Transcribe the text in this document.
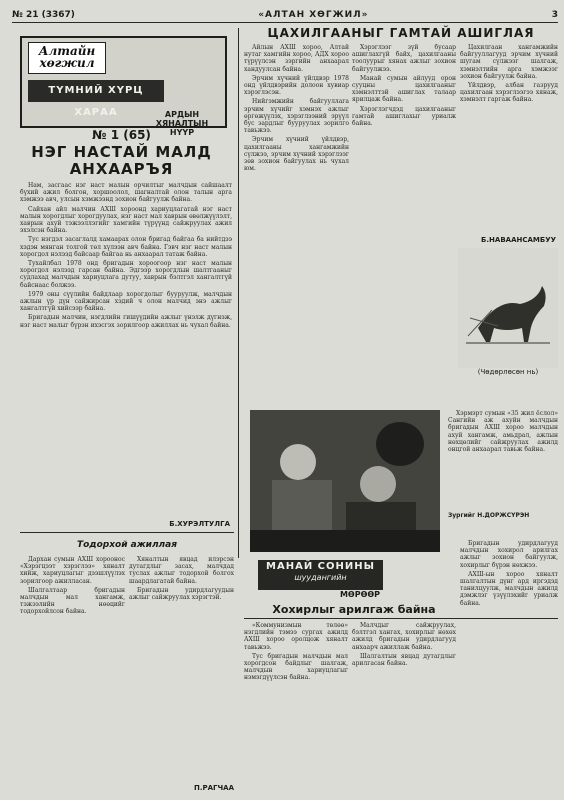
№ 21 (3367)	«АЛТАН ХӨГЖИЛ»	3
Алтайн хөгжил
ТҮМНИЙ ХҮРЦ ХАРАА	АРДЫН ХЯНАЛТЫН НҮҮР
№ 1 (65)
НЭГ НАСТАЙ МАЛД АНХААРЪЯ

Нам, засгаас нэг наст малын орчилтыг малчдын сайшаалт бүхий ажил болгон, хоршоолол, шагналтай олон талын арга хэмжээ авч, улсын хэмжээнд зохион байгуулж байна.

Сайхан айл малчин АХШ хороонд хариуцлагатай нэг наст малын хорогдлыг хорогдуулах, нэг наст мал хаврын өвөлжүүлэлт, хаврын ахуй тэжээллэгийг хамгийн түрүүнд сайжруулах ажил эхэлсэн байна.

Тус нэгдэл засаглалд хамаарах олон бригад байгаа ба нийтдээ хэдэн мянган толгой төл хүлээн авч байна. Гэвч нэг наст малын хорогдол нэлээд байсаар байгаа нь анхаарал татаж байна.

Тухайлбал 1978 онд бригадын хороогоор нэг наст малын хорогдол нэлээд гарсан байна. Эдгээр хорогдлын шалтгааныг судлахад малчдын хариуцлага дутуу, хаврын бэлтгэл хангалтгүй байснаас болжээ.

1979 оны сүүлийн байдлаар хорогдолыг бууруулж, малчдын ажлын үр дүн сайжирсан хэдий ч олон малчид энэ ажлыг хангалтгүй хийсээр байна.

Бригадын малчин, нэгдлийн гишүүдийн ажлыг үнэлж дүгнэж, нэг наст малыг бүрэн ихэсгэх зорилгоор ажиллах нь чухал байна.

Б.ХУРЭЛТУЛГА
ЦАХИЛГААНЫГ ГАМТАЙ АШИГЛАЯ

Айлын АХШ хороо, Алтай нутаг хамгийн хороо, АДХ хороо түрүүлсэн зэргийн анхаарал хандуулсан байна.

Эрчим хүчний үйлдвэр 1978 онд үйлдвэрийн долоон хувиар хэрэглэсэн.

Нийгэмжийн байгууллага эрчим хүчийг хэмнэх ажлыг өргөжүүлэх, хэрэглээний эрүүл бус зардлыг бууруулах зорилго тавьжээ.

Эрчим хүчний үйлдвэр, цахилгааны хангамжийн сүлжээ, эрчим хүчний хэрэглээг зөв зохион байгуулах нь чухал юм.

Хэрэглээг зүй бусаар ашиглахгүй байх, цахилгааны тоолуурыг хянах ажлыг зохион байгуулжээ.

Манай сумын айлууд орон сууцны цахилгааныг хэмнэлттэй ашиглах талаар ярилцаж байна.

Хэрэглэгчдэд цахилгааныг гамтай ашиглахыг уриалж байна.

Цахилгаан хангамжийн байгууллагууд эрчим хүчний шугам сүлжээг шалгаж, хэмнэлтийн арга хэмжээг зохион байгуулж байна.

Үйлдвэр, албан газрууд цахилгаан хэрэглээгээ хянаж, хэмнэлт гаргаж байна.

Б.НАВААНСАМБУУ
(Чөдөрлөсөн нь)

Хэрмэрт сумын «35 жил ёслол» Сангийн аж ахуйн малчдын бригадын АХШ хороо малчдын ахуй хангамж, амьдрал, ажлын нөхцөлийг сайжруулах ажилд онцгой анхаарал тавьж байна.

Зургийг Н.ДОРЖСҮРЭН
МАНАЙ СОНИНЫ
шуудангийн
МӨРӨӨР
Хохирлыг арилгаж байна

«Коммунизмын төлөө» нэгдлийн тэмээ сургах ажилд АХШ хороо оролцож хяналт тавьжээ.

Тус бригадын малчдын мал хорогдсон байдлыг шалгаж, малчдын хариуцлагыг нэмэгдүүлсэн байна.

Малчдыг сайжруулах, бэлтгэл хангах, хохирлыг нөхөх ажилд бригадын удирдлагууд анхаарч ажиллаж байна.

Шалгалтын явцад дутагдлыг арилгасан байна.

Бригадын удирдлагууд малчдын хохирол арилгах ажлыг зохион байгуулж, хохирлыг бүрэн нөхжээ.

АХШ-ын хороо хяналт шалгалтын дүнг ард иргэдэд танилцуулж, малчдын ажилд дэмжлэг үзүүлэхийг уриалж байна.

Тодорхой ажиллая

Дархан сумын АХШ хороонос «Хэрэгцээт хэрэглээ» хяналт хийж, хариуцлагыг дээшлүүлэх зорилгоор ажилласан.

Шалгалтаар бригадын малчдын мал хангамж, тэжээлийн нөөцийг тодорхойлсон байна.

Хяналтын явцад илэрсэн дутагдлыг засах, малчдад туслах ажлыг тодорхой болгох шаардлагатай байна.

Бригадын удирдлагуудын ажлыг сайжруулах хэрэгтэй.

П.РАГЧАА
